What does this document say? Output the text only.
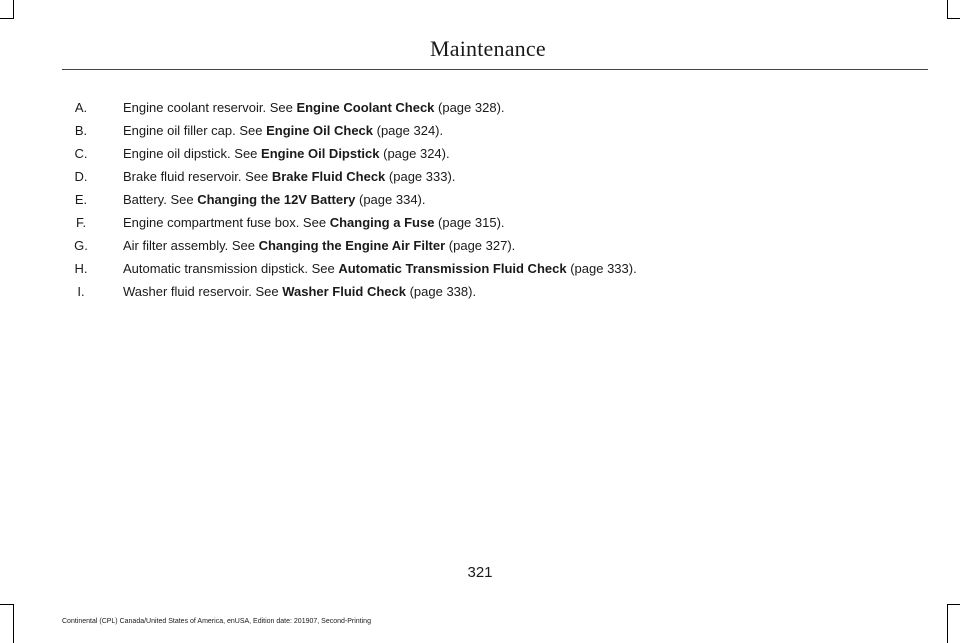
Maintenance
A.	Engine coolant reservoir. See Engine Coolant Check (page 328).
B.	Engine oil filler cap. See Engine Oil Check (page 324).
C.	Engine oil dipstick. See Engine Oil Dipstick (page 324).
D.	Brake fluid reservoir. See Brake Fluid Check (page 333).
E.	Battery. See Changing the 12V Battery (page 334).
F.	Engine compartment fuse box. See Changing a Fuse (page 315).
G.	Air filter assembly. See Changing the Engine Air Filter (page 327).
H.	Automatic transmission dipstick. See Automatic Transmission Fluid Check (page 333).
I.	Washer fluid reservoir. See Washer Fluid Check (page 338).
321
Continental (CPL) Canada/United States of America, enUSA, Edition date: 201907, Second-Printing
